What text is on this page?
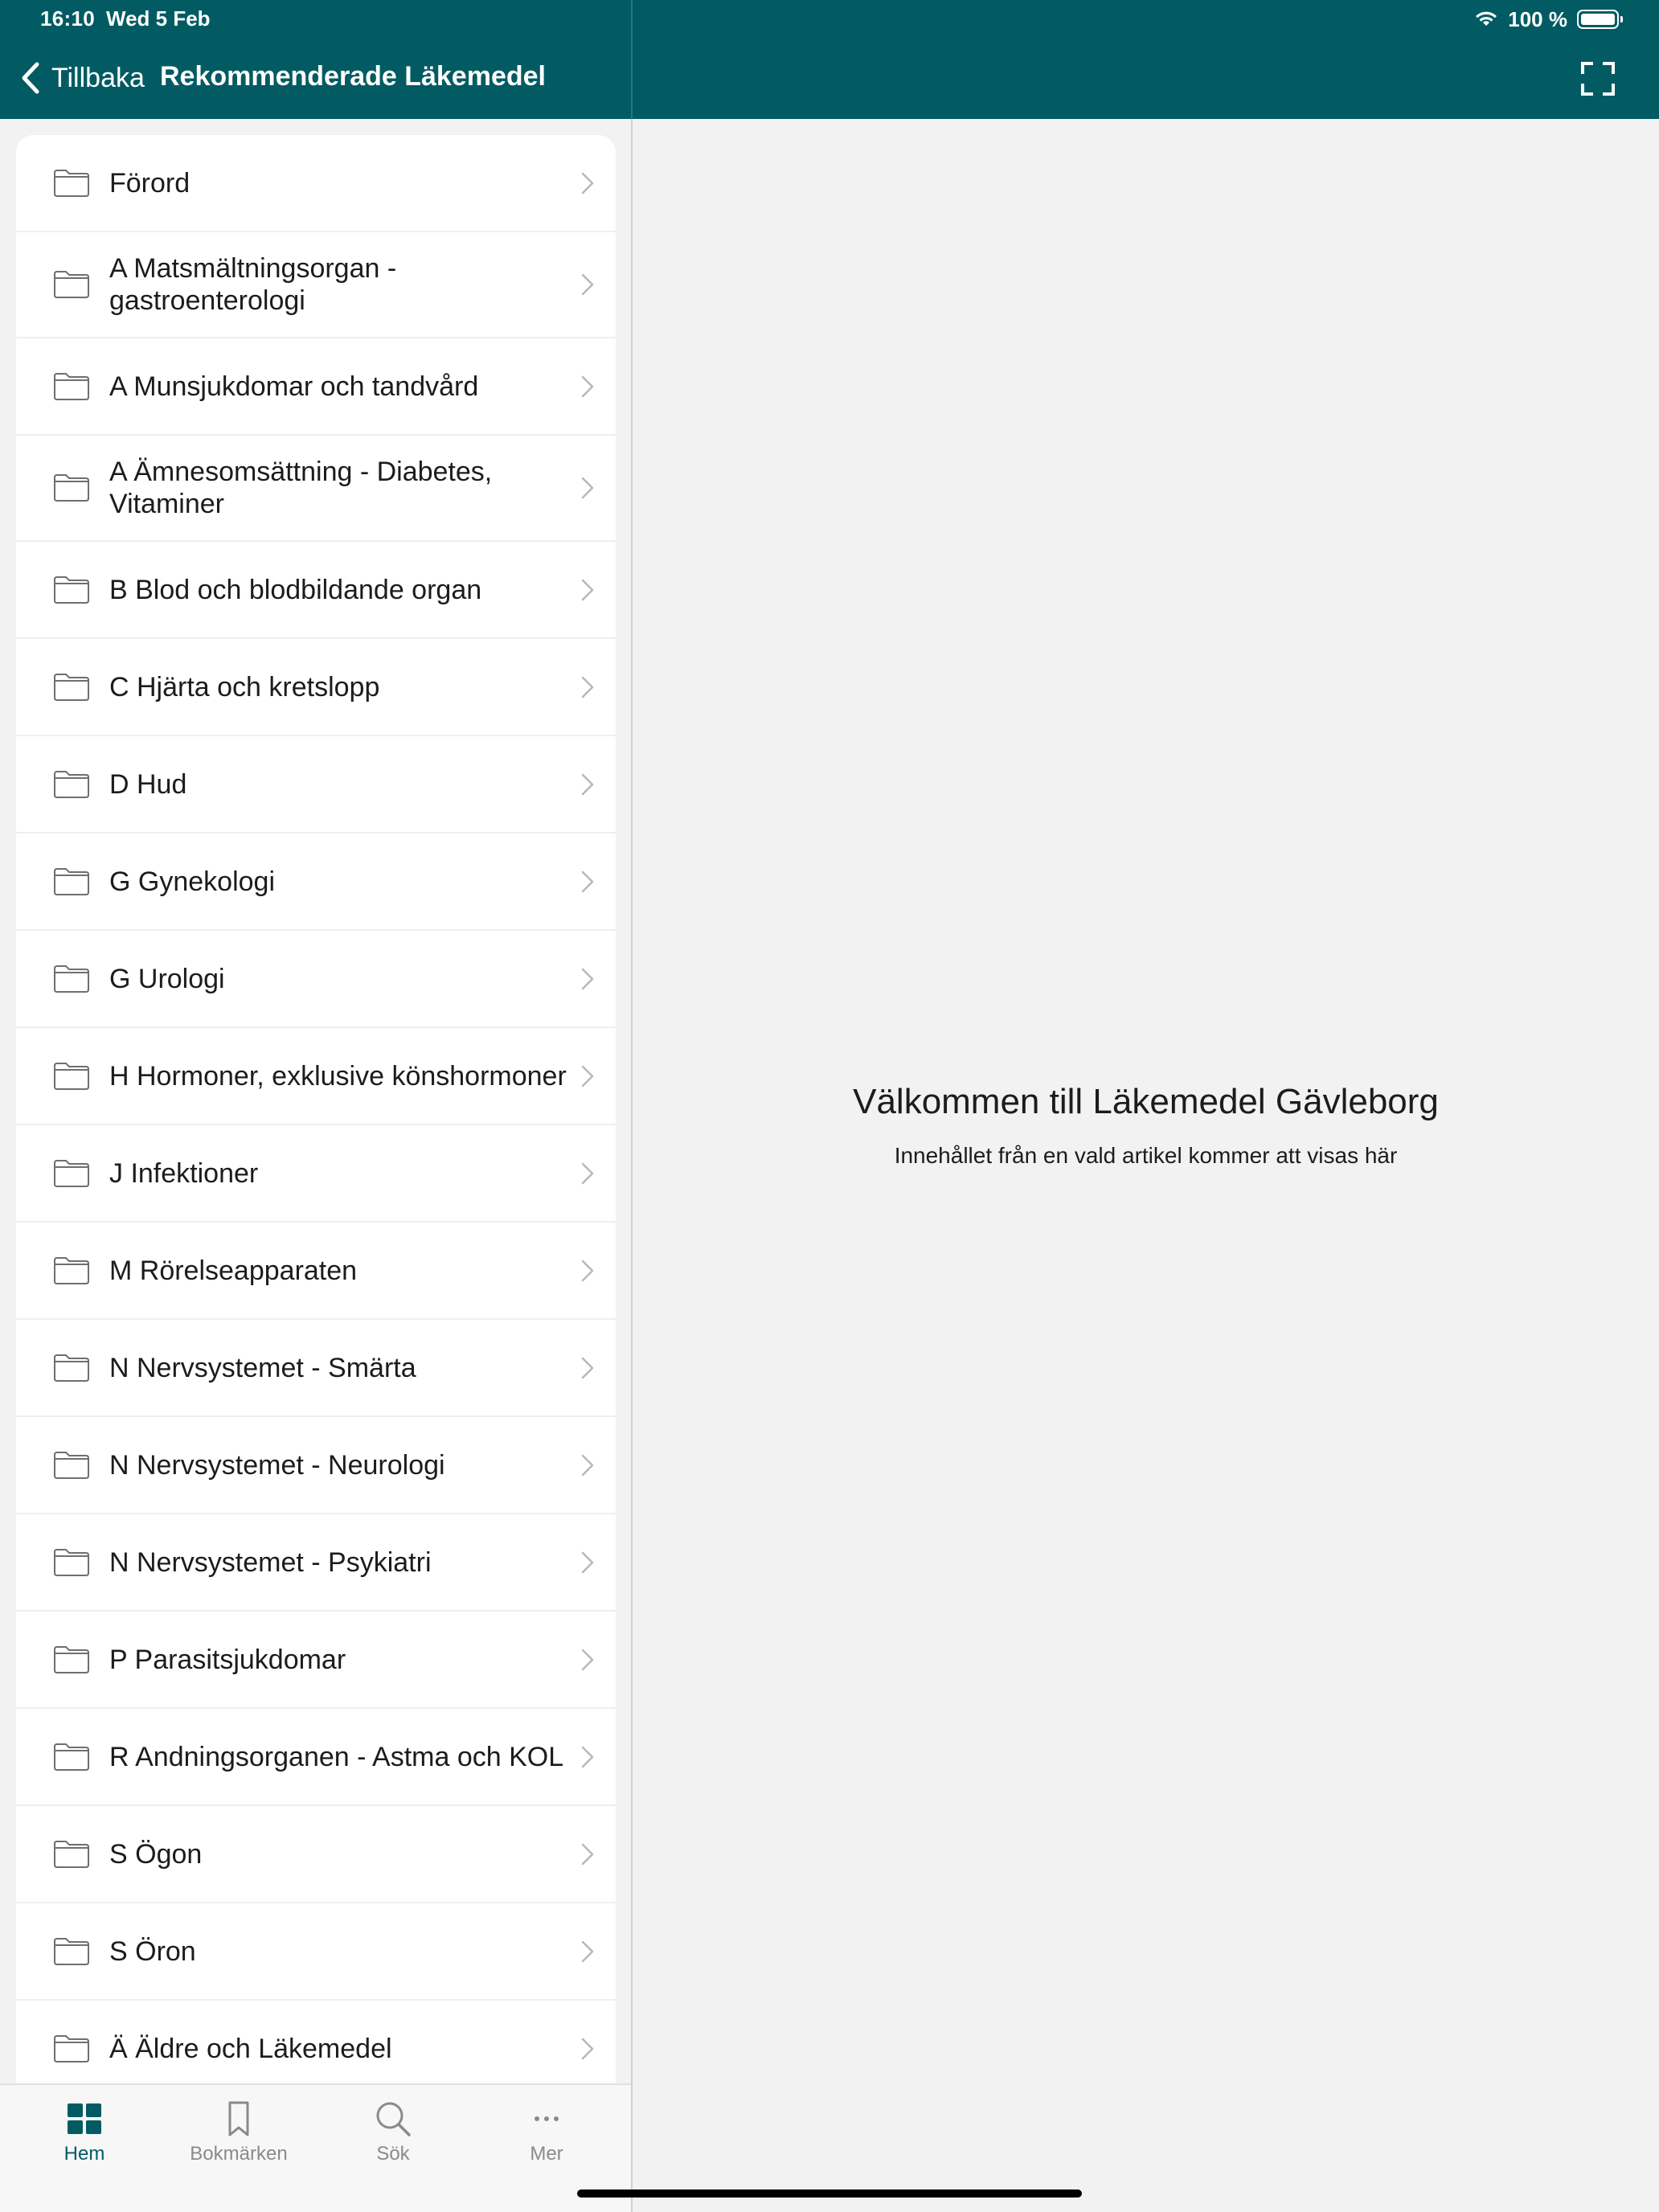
16:10 Wed 5 Feb	100 %
Tillbaka Rekommenderade Läkemedel
Förord
A Matsmältningsorgan - gastroenterologi
A Munsjukdomar och tandvård
A Ämnesomsättning - Diabetes, Vitaminer
B Blod och blodbildande organ
C Hjärta och kretslopp
D Hud
G Gynekologi
G Urologi
H Hormoner, exklusive könshormoner
J Infektioner
M Rörelseapparaten
N Nervsystemet - Smärta
N Nervsystemet - Neurologi
N Nervsystemet - Psykiatri
P Parasitsjukdomar
R Andningsorganen - Astma och KOL
S Ögon
S Öron
Ä Äldre och Läkemedel
Välkommen till Läkemedel Gävleborg
Innehållet från en vald artikel kommer att visas här
Hem	Bokmärken	Sök	Mer
